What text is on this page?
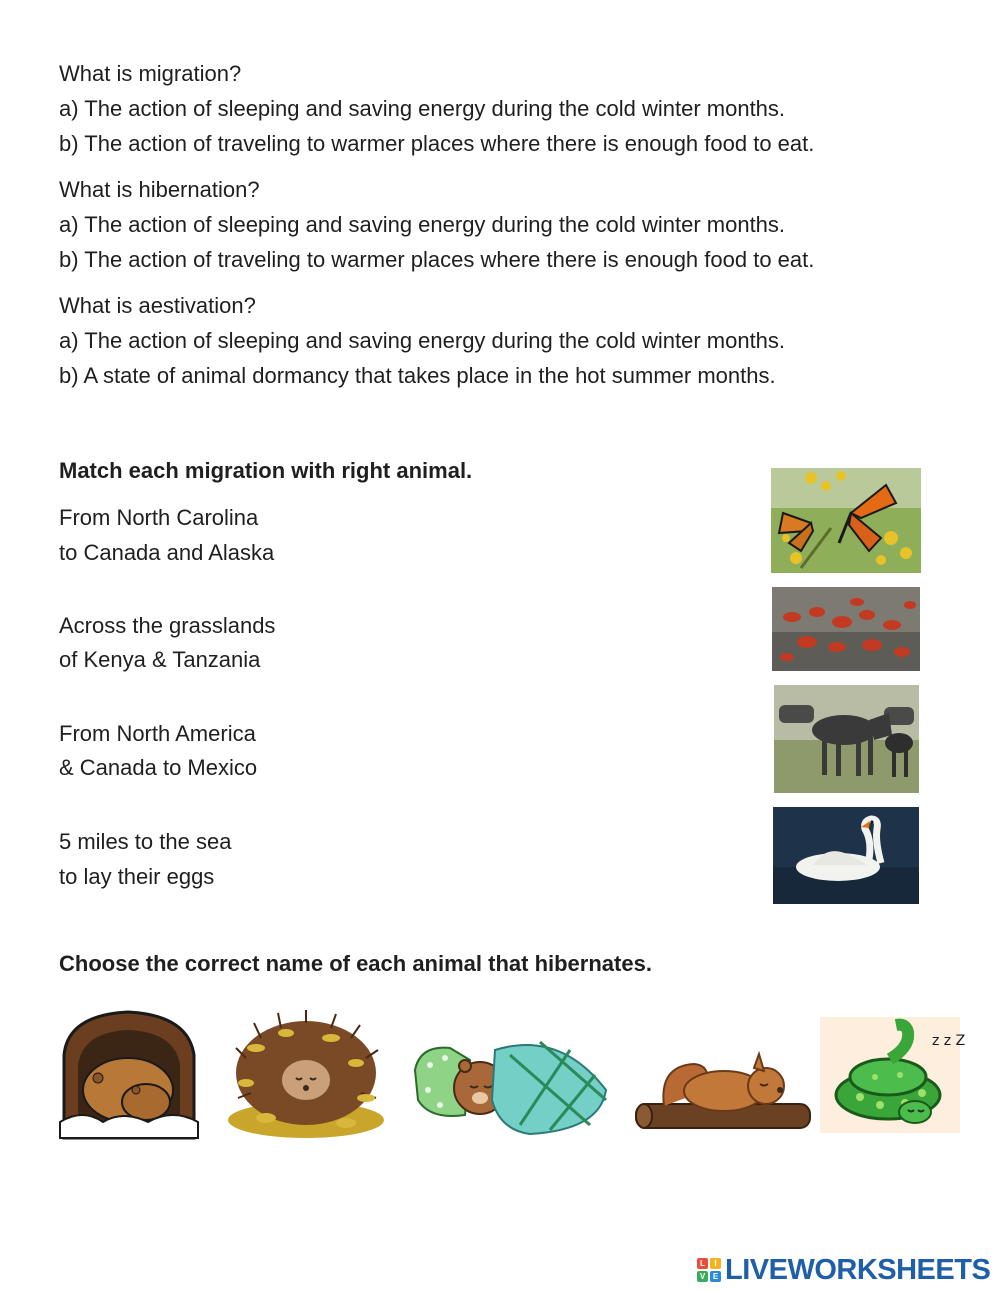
What is migration?
a) The action of sleeping and saving energy during the cold winter months.
b) The action of traveling to warmer places where there is enough food to eat.
What is hibernation?
a) The action of sleeping and saving energy during the cold winter months.
b) The action of traveling to warmer places where there is enough food to eat.
What is aestivation?
a) The action of sleeping and saving energy during the cold winter months.
b) A state of animal dormancy that takes place in the hot summer months.
Match each migration with right animal.
From North Carolina
to Canada and Alaska
Across the grasslands
of Kenya & Tanzania
From North America
& Canada to Mexico
5 miles to the sea
to lay their eggs
Choose the correct name of each animal that hibernates.
z z Z
L	I
V E LIVEWORKSHEETS
